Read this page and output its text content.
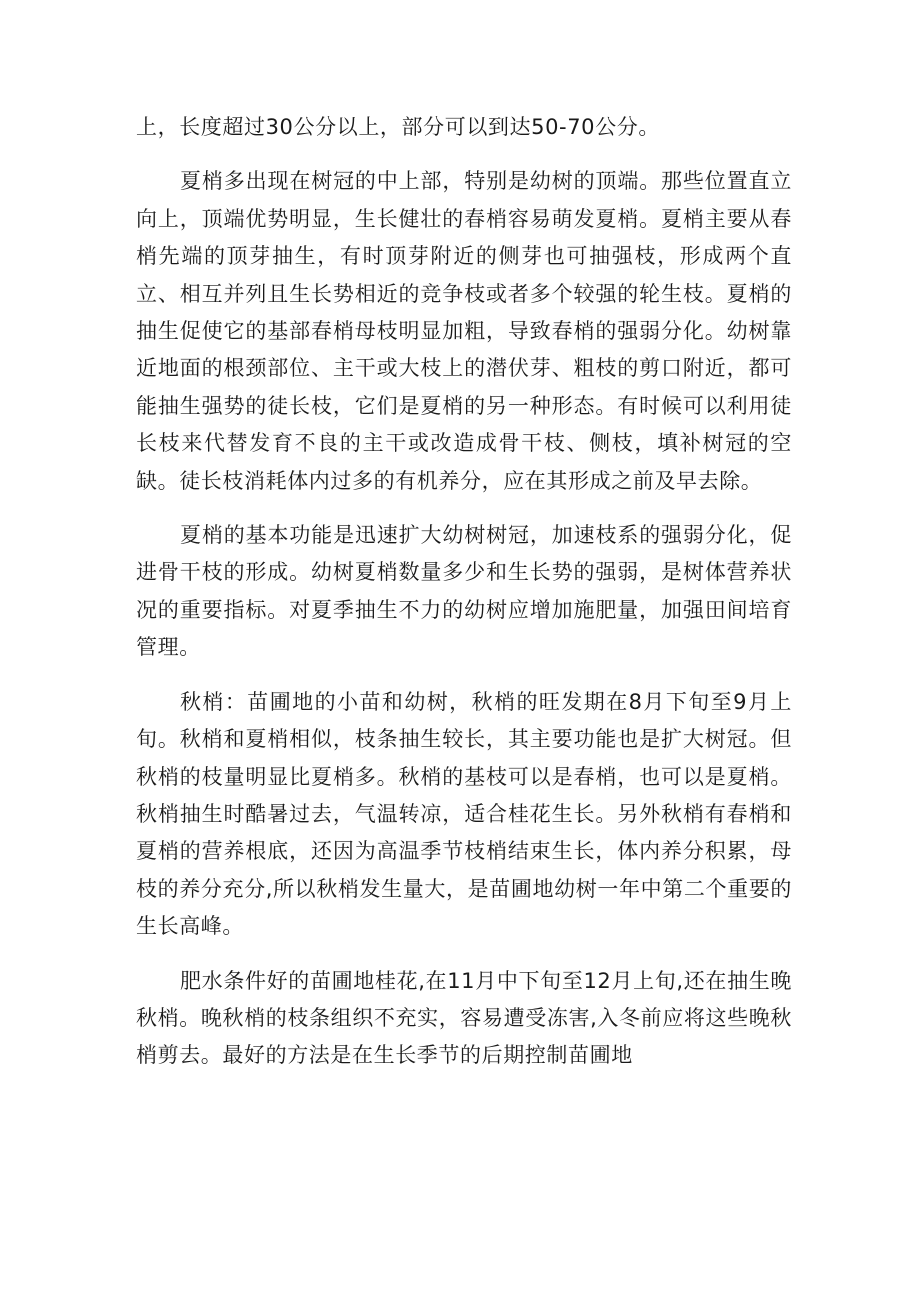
上，长度超过30公分以上，部分可以到达50-70公分。

夏梢多出现在树冠的中上部，特别是幼树的顶端。那些位置直立向上，顶端优势明显，生长健壮的春梢容易萌发夏梢。夏梢主要从春梢先端的顶芽抽生，有时顶芽附近的侧芽也可抽强枝，形成两个直立、相互并列且生长势相近的竞争枝或者多个较强的轮生枝。夏梢的抽生促使它的基部春梢母枝明显加粗，导致春梢的强弱分化。幼树靠近地面的根颈部位、主干或大枝上的潜伏芽、粗枝的剪口附近，都可能抽生强势的徒长枝，它们是夏梢的另一种形态。有时候可以利用徒长枝来代替发育不良的主干或改造成骨干枝、侧枝，填补树冠的空缺。徒长枝消耗体内过多的有机养分，应在其形成之前及早去除。

夏梢的基本功能是迅速扩大幼树树冠，加速枝系的强弱分化，促进骨干枝的形成。幼树夏梢数量多少和生长势的强弱，是树体营养状况的重要指标。对夏季抽生不力的幼树应增加施肥量，加强田间培育管理。

秋梢：苗圃地的小苗和幼树，秋梢的旺发期在8月下旬至9月上旬。秋梢和夏梢相似，枝条抽生较长，其主要功能也是扩大树冠。但秋梢的枝量明显比夏梢多。秋梢的基枝可以是春梢，也可以是夏梢。秋梢抽生时酷暑过去，气温转凉，适合桂花生长。另外秋梢有春梢和夏梢的营养根底，还因为高温季节枝梢结束生长，体内养分积累，母枝的养分充分,所以秋梢发生量大，是苗圃地幼树一年中第二个重要的生长高峰。

肥水条件好的苗圃地桂花,在11月中下旬至12月上旬,还在抽生晚秋梢。晚秋梢的枝条组织不充实，容易遭受冻害,入冬前应将这些晚秋梢剪去。最好的方法是在生长季节的后期控制苗圃地
